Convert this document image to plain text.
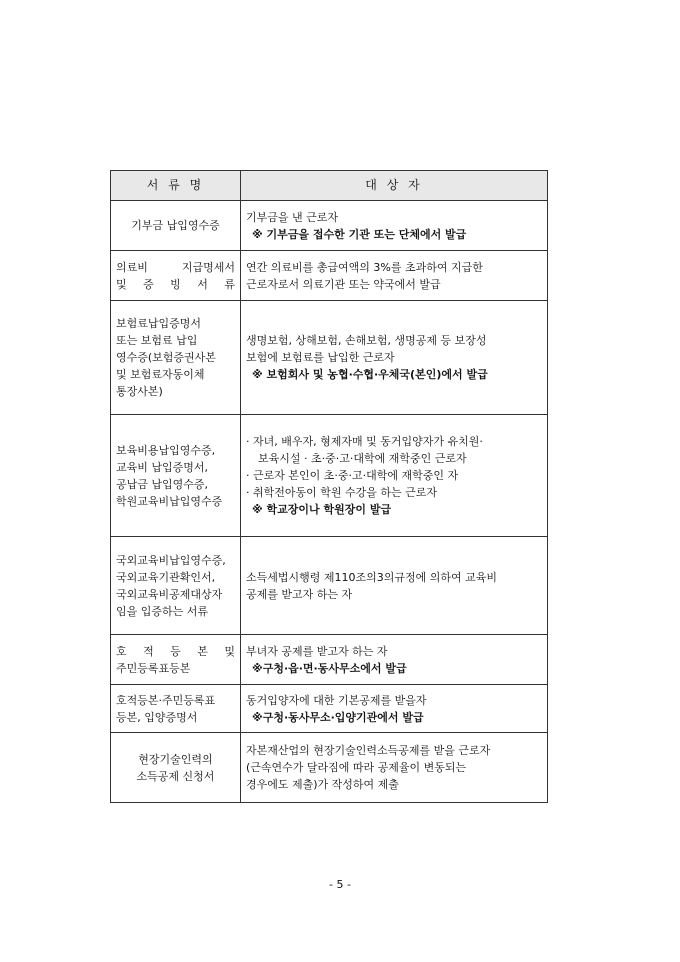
서 류 명	대 상 자

기부금 납입영수증	기부금을 낸 근로자
※ 기부금을 접수한 기관 또는 단체에서 발급

의료비 지급명세서
및 증 빙 서 류	연간 의료비를 총급여액의 3%를 초과하여 지급한
근로자로서 의료기관 또는 약국에서 발급

보험료납입증명서
또는 보험료 납입
영수증(보험증권사본
및 보험료자동이체
통장사본)	생명보험, 상해보험, 손해보험, 생명공제 등 보장성
보험에 보험료를 납입한 근로자
※ 보험회사 및 농협·수협·우체국(본인)에서 발급

보육비용납입영수증,
교육비 납입증명서,
공납금 납입영수증,
학원교육비납입영수증	· 자녀, 배우자, 형제자매 및 동거입양자가 유치원·
보육시설 · 초·중·고·대학에 재학중인 근로자
· 근로자 본인이 초·중·고·대학에 재학중인 자
· 취학전아동이 학원 수강을 하는 근로자
※ 학교장이나 학원장이 발급

국외교육비납입영수증,
국외교육기관확인서,
국외교육비공제대상자
임을 입증하는 서류	소득세법시행령 제110조의3의규정에 의하여 교육비
공제를 받고자 하는 자

호 적 등 본 및
주민등록표등본	부녀자 공제를 받고자 하는 자
※구청·읍·면·동사무소에서 발급

호적등본·주민등록표
등본, 입양증명서	동거입양자에 대한 기본공제를 받을자
※구청·동사무소·입양기관에서 발급

현장기술인력의
소득공제 신청서	자본재산업의 현장기술인력소득공제를 받을 근로자
(근속연수가 달라짐에 따라 공제율이 변동되는
경우에도 제출)가 작성하여 제출
- 5 -
